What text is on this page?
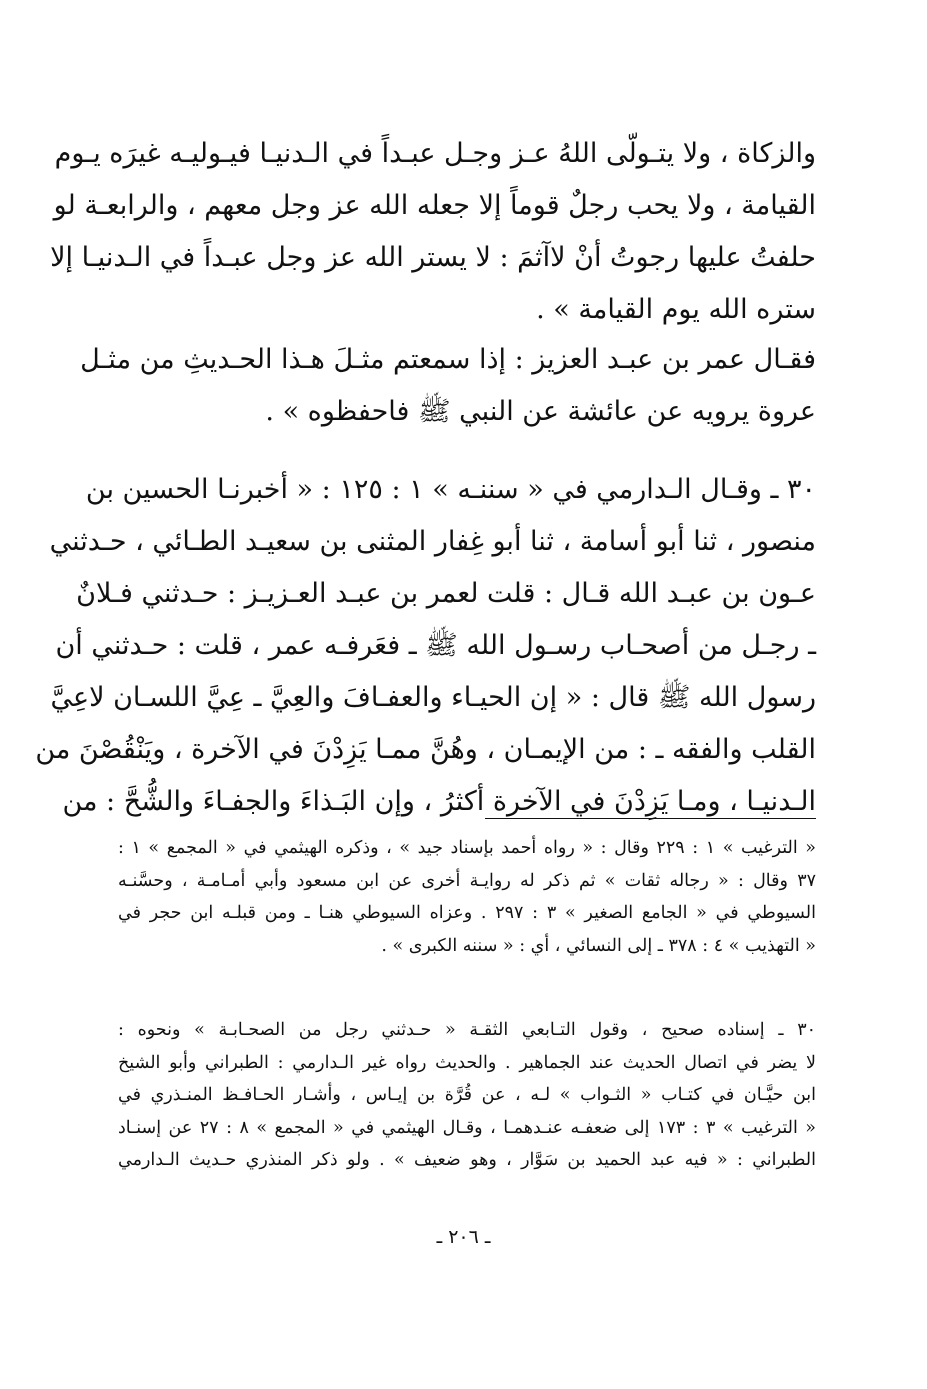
والزكاة ، ولا يتـولّى اللهُ عـز وجـل عبـداً في الـدنيـا فيـوليـه غيرَه يـوم
القيامة ، ولا يحب رجلٌ قوماً إلا جعله الله عز وجل معهم ، والرابعـة لو
حلفتُ عليها رجوتُ أنْ لاآثمَ : لا يستر الله عز وجل عبـداً في الـدنيـا إلا
ستره الله يوم القيامة » .
فقـال عمر بن عبـد العزيز : إذا سمعتم مثـلَ هـذا الحـديثِ من مثـل
عروة يرويه عن عائشة عن النبي ﷺ فاحفظوه » .
٣٠ ـ وقـال الـدارمي في « سننـه » ١ : ١٢٥ : « أخبرنـا الحسين بن
منصور ، ثنا أبو أسامة ، ثنا أبو غِفار المثنى بن سعيـد الطـائي ، حـدثني
عـون بن عبـد الله قـال : قلت لعمر بن عبـد العـزيـز : حـدثني فـلانٌ
ـ رجـل من أصحـاب رسـول الله ﷺ ـ فعَرفـه عمر ، قلت : حـدثني أن
رسول الله ﷺ قال : « إن الحيـاء والعفـافَ والعِيَّ ـ عِيَّ اللسـان لاعِيَّ
القلب والفقه ـ : من الإيمـان ، وهُنَّ ممـا يَزِدْنَ في الآخرة ، ويَنْقُصْنَ من
الـدنيـا ، ومـا يَزِدْنَ في الآخرة أكثرُ ، وإن البَـذاءَ والجفـاءَ والشُّحَّ : من
« الترغيب » ١ : ٢٢٩ وقال : « رواه أحمد بإسناد جيد » ، وذكره الهيثمي في « المجمع » ١ :
٣٧ وقال : « رجاله ثقات » ثم ذكر له روايـة أخرى عن ابن مسعود وأبي أمـامـة ، وحسَّنـه
السيوطي في « الجامع الصغير » ٣ : ٢٩٧ . وعزاه السيوطي هنـا ـ ومن قبلـه ابن حجر في
« التهذيب » ٤ : ٣٧٨ ـ إلى النسائي ، أي : « سننه الكبرى » .
٣٠ ـ إسناده صحيح ، وقول التـابعي الثقـة « حـدثني رجل من الصحـابـة » ونحوه :
لا يضر في اتصال الحديث عند الجماهير . والحديث رواه غير الـدارمي : الطبراني وأبو الشيخ
ابن حيَّـان في كتـاب « الثـواب » لـه ، عن قُرَّة بن إيـاس ، وأشـار الحـافـظ المنـذري في
« الترغيب » ٣ : ١٧٣ إلى ضعفـه عنـدهمـا ، وقـال الهيثمي في « المجمع » ٨ : ٢٧ عن إسنـاد
الطبراني : « فيه عبد الحميد بن سَوَّار ، وهو ضعيف » . ولو ذكر المنذري حـديث الـدارمي
ـ ٢٠٦ ـ
